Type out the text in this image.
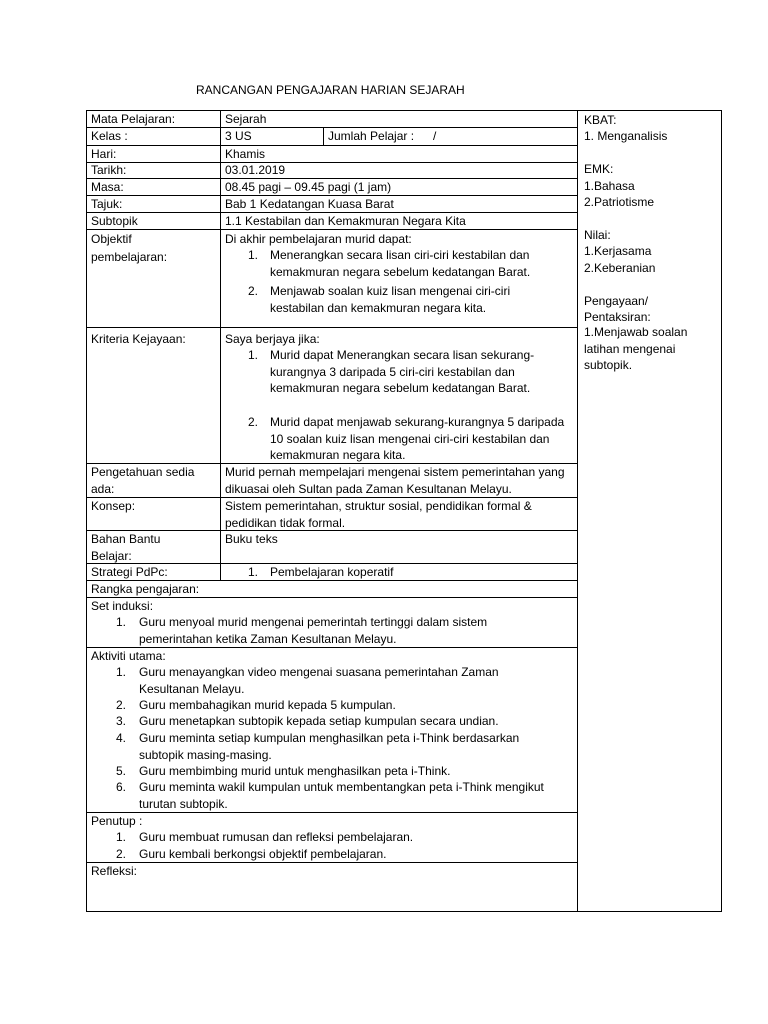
RANCANGAN PENGAJARAN HARIAN SEJARAH
Mata Pelajaran:	Sejarah
Kelas :	3 US	Jumlah Pelajar : /
Hari:	Khamis
Tarikh:	03.01.2019
Masa:	08.45 pagi – 09.45 pagi (1 jam)
Tajuk:	Bab 1 Kedatangan Kuasa Barat
Subtopik	1.1 Kestabilan dan Kemakmuran Negara Kita
Objektif
pembelajaran:
Di akhir pembelajaran murid dapat:
1. Menerangkan secara lisan ciri-ciri kestabilan dan kemakmuran negara sebelum kedatangan Barat.
2. Menjawab soalan kuiz lisan mengenai ciri-ciri kestabilan dan kemakmuran negara kita.
Kriteria Kejayaan:	Saya berjaya jika:
1. Murid dapat Menerangkan secara lisan sekurang-kurangnya 3 daripada 5 ciri-ciri kestabilan dan kemakmuran negara sebelum kedatangan Barat.
2. Murid dapat menjawab sekurang-kurangnya 5 daripada 10 soalan kuiz lisan mengenai ciri-ciri kestabilan dan kemakmuran negara kita.
Pengetahuan sedia ada:
Murid pernah mempelajari mengenai sistem pemerintahan yang dikuasai oleh Sultan pada Zaman Kesultanan Melayu.
Konsep:	Sistem pemerintahan, struktur sosial, pendidikan formal & pedidikan tidak formal.
Bahan Bantu Belajar:
Buku teks
Strategi PdPc:	1. Pembelajaran koperatif
Rangka pengajaran:
Set induksi:
1. Guru menyoal murid mengenai pemerintah tertinggi dalam sistem pemerintahan ketika Zaman Kesultanan Melayu.
Aktiviti utama:
1. Guru menayangkan video mengenai suasana pemerintahan Zaman Kesultanan Melayu.
2. Guru membahagikan murid kepada 5 kumpulan.
3. Guru menetapkan subtopik kepada setiap kumpulan secara undian.
4. Guru meminta setiap kumpulan menghasilkan peta i-Think berdasarkan subtopik masing-masing.
5. Guru membimbing murid untuk menghasilkan peta i-Think.
6. Guru meminta wakil kumpulan untuk membentangkan peta i-Think mengikut turutan subtopik.
Penutup :
1. Guru membuat rumusan dan refleksi pembelajaran.
2. Guru kembali berkongsi objektif pembelajaran.
Refleksi:
KBAT:
1. Menganalisis
EMK:
1.Bahasa
2.Patriotisme
Nilai:
1.Kerjasama
2.Keberanian
Pengayaan/
Pentaksiran:
1.Menjawab soalan latihan mengenai subtopik.
